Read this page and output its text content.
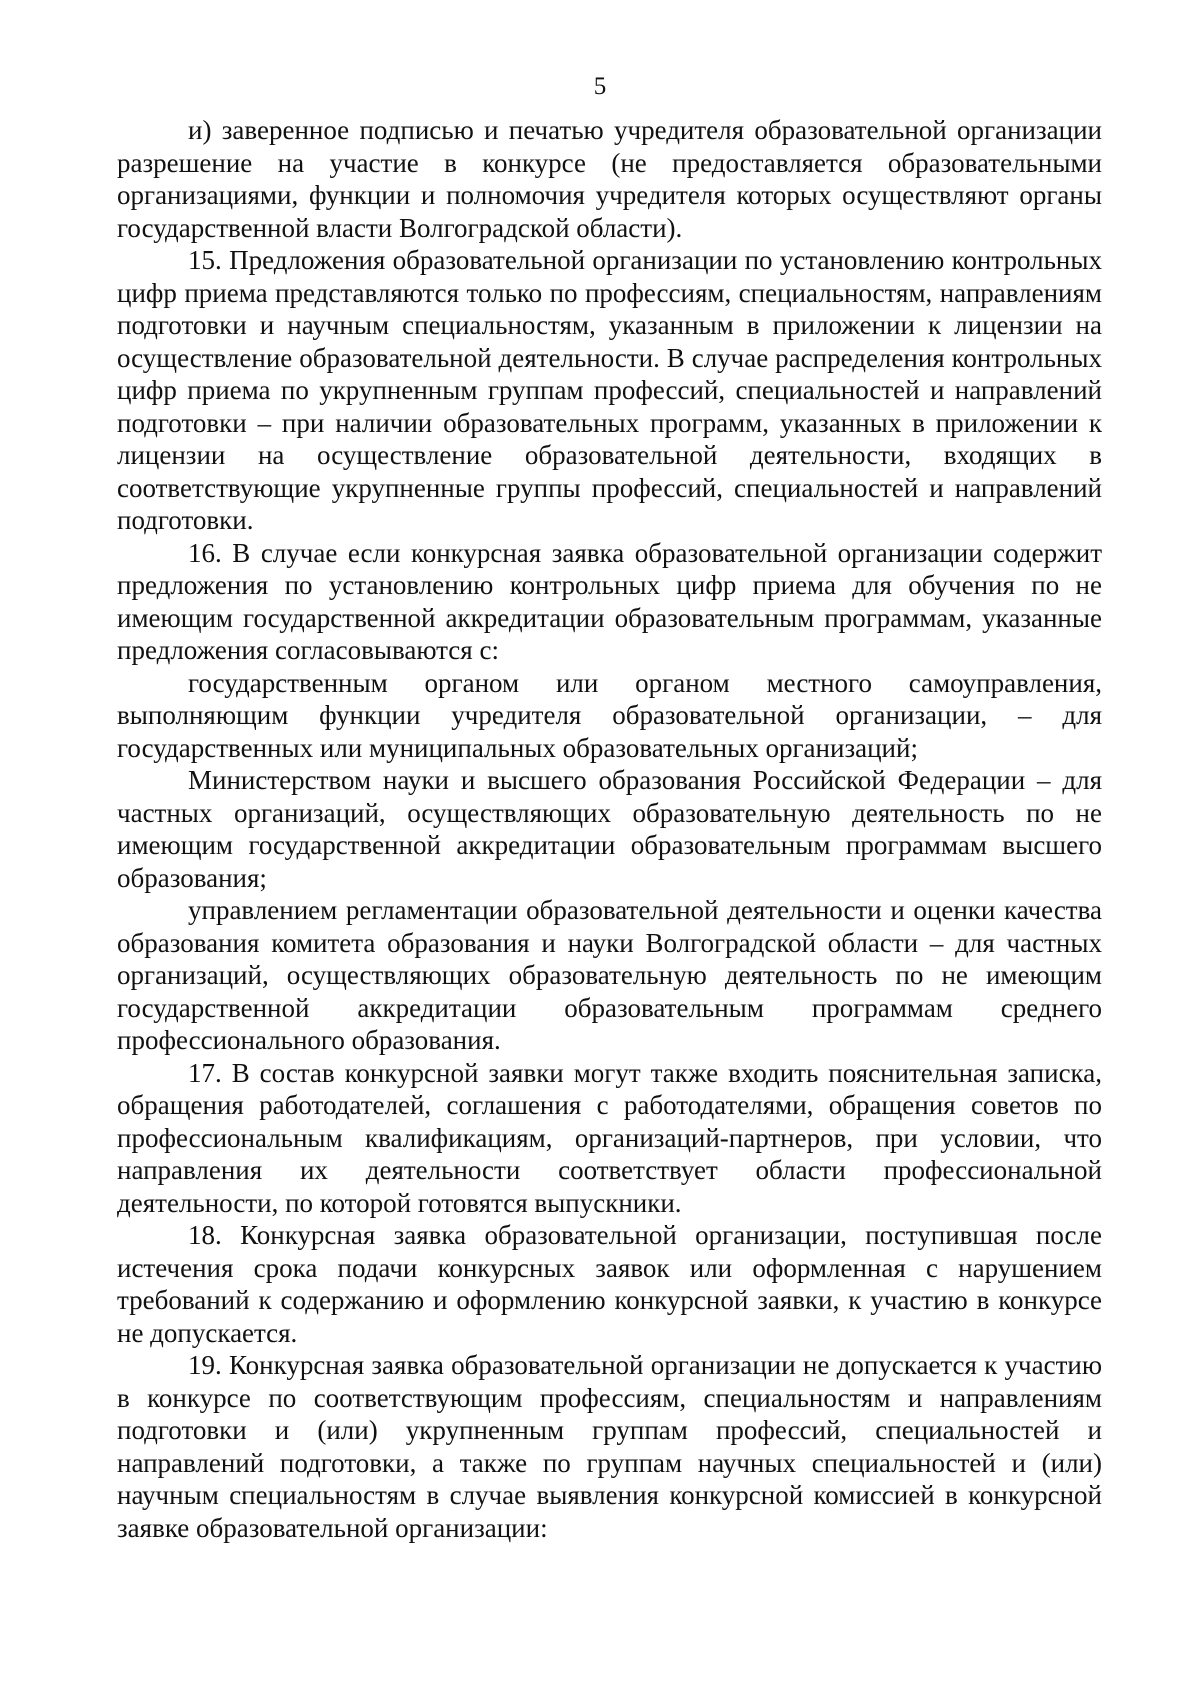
5

и) заверенное подписью и печатью учредителя образовательной организации разрешение на участие в конкурсе (не предоставляется образовательными организациями, функции и полномочия учредителя которых осуществляют органы государственной власти Волгоградской области).

15. Предложения образовательной организации по установлению контрольных цифр приема представляются только по профессиям, специальностям, направлениям подготовки и научным специальностям, указанным в приложении к лицензии на осуществление образовательной деятельности. В случае распределения контрольных цифр приема по укрупненным группам профессий, специальностей и направлений подготовки – при наличии образовательных программ, указанных в приложении к лицензии на осуществление образовательной деятельности, входящих в соответствующие укрупненные группы профессий, специальностей и направлений подготовки.

16. В случае если конкурсная заявка образовательной организации содержит предложения по установлению контрольных цифр приема для обучения по не имеющим государственной аккредитации образовательным программам, указанные предложения согласовываются с:

государственным органом или органом местного самоуправления, выполняющим функции учредителя образовательной организации, – для государственных или муниципальных образовательных организаций;

Министерством науки и высшего образования Российской Федерации – для частных организаций, осуществляющих образовательную деятельность по не имеющим государственной аккредитации образовательным программам высшего образования;

управлением регламентации образовательной деятельности и оценки качества образования комитета образования и науки Волгоградской области – для частных организаций, осуществляющих образовательную деятельность по не имеющим государственной аккредитации образовательным программам среднего профессионального образования.

17. В состав конкурсной заявки могут также входить пояснительная записка, обращения работодателей, соглашения с работодателями, обращения советов по профессиональным квалификациям, организаций-партнеров, при условии, что направления их деятельности соответствует области профессиональной деятельности, по которой готовятся выпускники.

18. Конкурсная заявка образовательной организации, поступившая после истечения срока подачи конкурсных заявок или оформленная с нарушением требований к содержанию и оформлению конкурсной заявки, к участию в конкурсе не допускается.

19. Конкурсная заявка образовательной организации не допускается к участию в конкурсе по соответствующим профессиям, специальностям и направлениям подготовки и (или) укрупненным группам профессий, специальностей и направлений подготовки, а также по группам научных специальностей и (или) научным специальностям в случае выявления конкурсной комиссией в конкурсной заявке образовательной организации:
